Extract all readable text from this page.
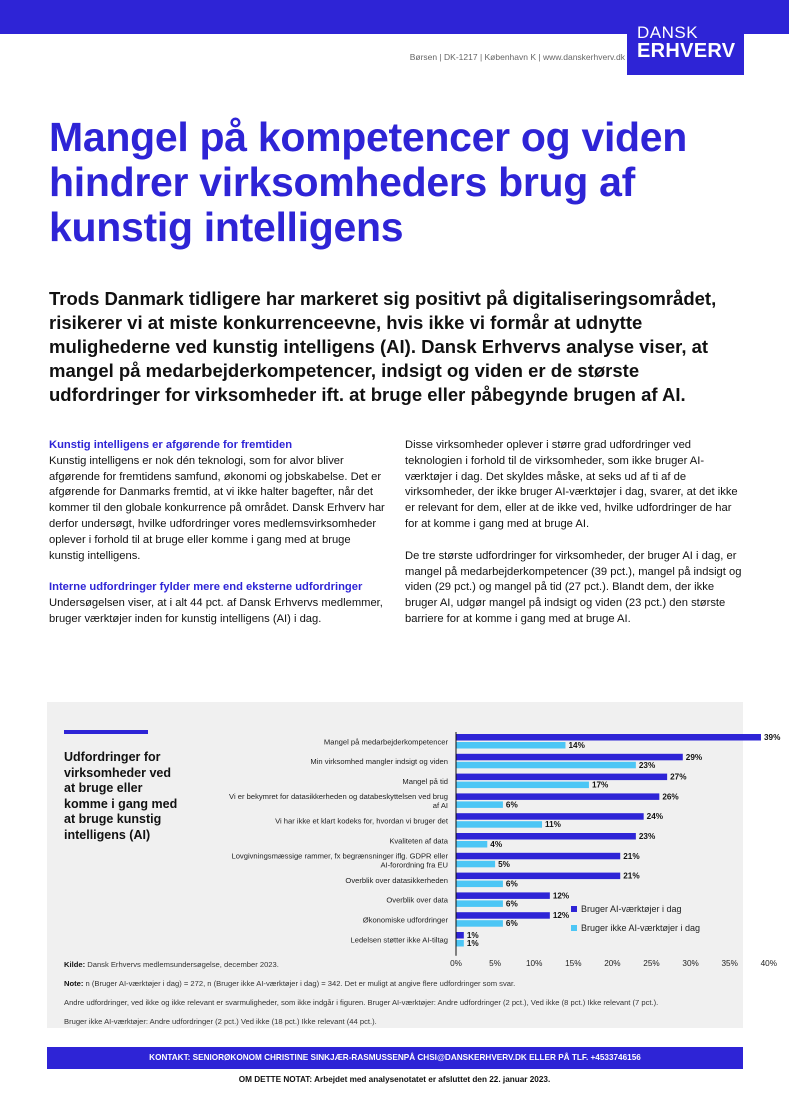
DANSK
ERHVERV
Børsen | DK-1217 | København K | www.danskerhverv.dk
Mangel på kompetencer og viden hindrer virksomheders brug af kunstig intelligens

Trods Danmark tidligere har markeret sig positivt på digitaliseringsområdet, risikerer vi at miste konkurrenceevne, hvis ikke vi formår at udnytte mulighederne ved kunstig intelligens (AI). Dansk Erhvervs analyse viser, at mangel på medarbejderkompetencer, indsigt og viden er de største udfordringer for virksomheder ift. at bruge eller påbegynde brugen af AI.

Kunstig intelligens er afgørende for fremtiden
Kunstig intelligens er nok dén teknologi, som for alvor bliver afgørende for fremtidens samfund, økonomi og jobskabelse. Det er afgørende for Danmarks fremtid, at vi ikke halter bagefter, når det kommer til den globale konkurrence på området. Dansk Erhverv har derfor undersøgt, hvilke udfordringer vores medlemsvirksomheder oplever i forhold til at bruge eller komme i gang med at bruge kunstig intelligens.
Interne udfordringer fylder mere end eksterne udfordringer
Undersøgelsen viser, at i alt 44 pct. af Dansk Erhvervs medlemmer, bruger værktøjer inden for kunstig intelligens (AI) i dag.
Disse virksomheder oplever i større grad udfordringer ved teknologien i forhold til de virksomheder, som ikke bruger AI-værktøjer i dag. Det skyldes måske, at seks ud af ti af de virksomheder, der ikke bruger AI-værktøjer i dag, svarer, at det ikke er relevant for dem, eller at de ikke ved, hvilke udfordringer de har for at komme i gang med at bruge AI.
De tre største udfordringer for virksomheder, der bruger AI i dag, er mangel på medarbejderkompetencer (39 pct.), mangel på indsigt og viden (29 pct.) og mangel på tid (27 pct.). Blandt dem, der ikke bruger AI, udgør mangel på indsigt og viden (23 pct.) den største barriere for at komme i gang med at bruge AI.
Udfordringer for virksomheder ved at bruge eller komme i gang med at bruge kunstig intelligens (AI)
Mangel på medarbejderkompetencer	39%
14%
Min virksomhed mangler indsigt og viden	29%
23%
Mangel på tid	27%
17%
Vi er bekymret for datasikkerheden og databeskyttelsen ved brug
af AI
26%
6%
Vi har ikke et klart kodeks for, hvordan vi bruger det	24%
11%
Kvaliteten af data	23%
4%
Lovgivningsmæssige rammer, fx begrænsninger iflg. GDPR eller
AI-forordning fra EU
21%
5%
Overblik over datasikkerheden	21%
6%
Overblik over data	12%
6%
Økonomiske udfordringer	12%
6%
Ledelsen støtter ikke AI-tiltag 1%
1%
0%	5%	10%	15%	20%	25%	30%	35%	40%
Bruger AI-værktøjer i dag
Bruger ikke AI-værktøjer i dag
Kilde: Dansk Erhvervs medlemsundersøgelse, december 2023.
Note: n (Bruger AI-værktøjer i dag) = 272, n (Bruger ikke AI-værktøjer i dag) = 342. Det er muligt at angive flere udfordringer som svar.
Andre udfordringer, ved ikke og ikke relevant er svarmuligheder, som ikke indgår i figuren. Bruger AI-værktøjer: Andre udfordringer (2 pct.), Ved ikke (8 pct.) Ikke relevant (7 pct.).
Bruger ikke AI-værktøjer: Andre udfordringer (2 pct.) Ved ikke (18 pct.) Ikke relevant (44 pct.).
KONTAKT: SENIORØKONOM CHRISTINE SINKJÆR-RASMUSSENPÅ CHSI@DANSKERHVERV.DK ELLER PÅ TLF. +4533746156
OM DETTE NOTAT: Arbejdet med analysenotatet er afsluttet den 22. januar 2023.
